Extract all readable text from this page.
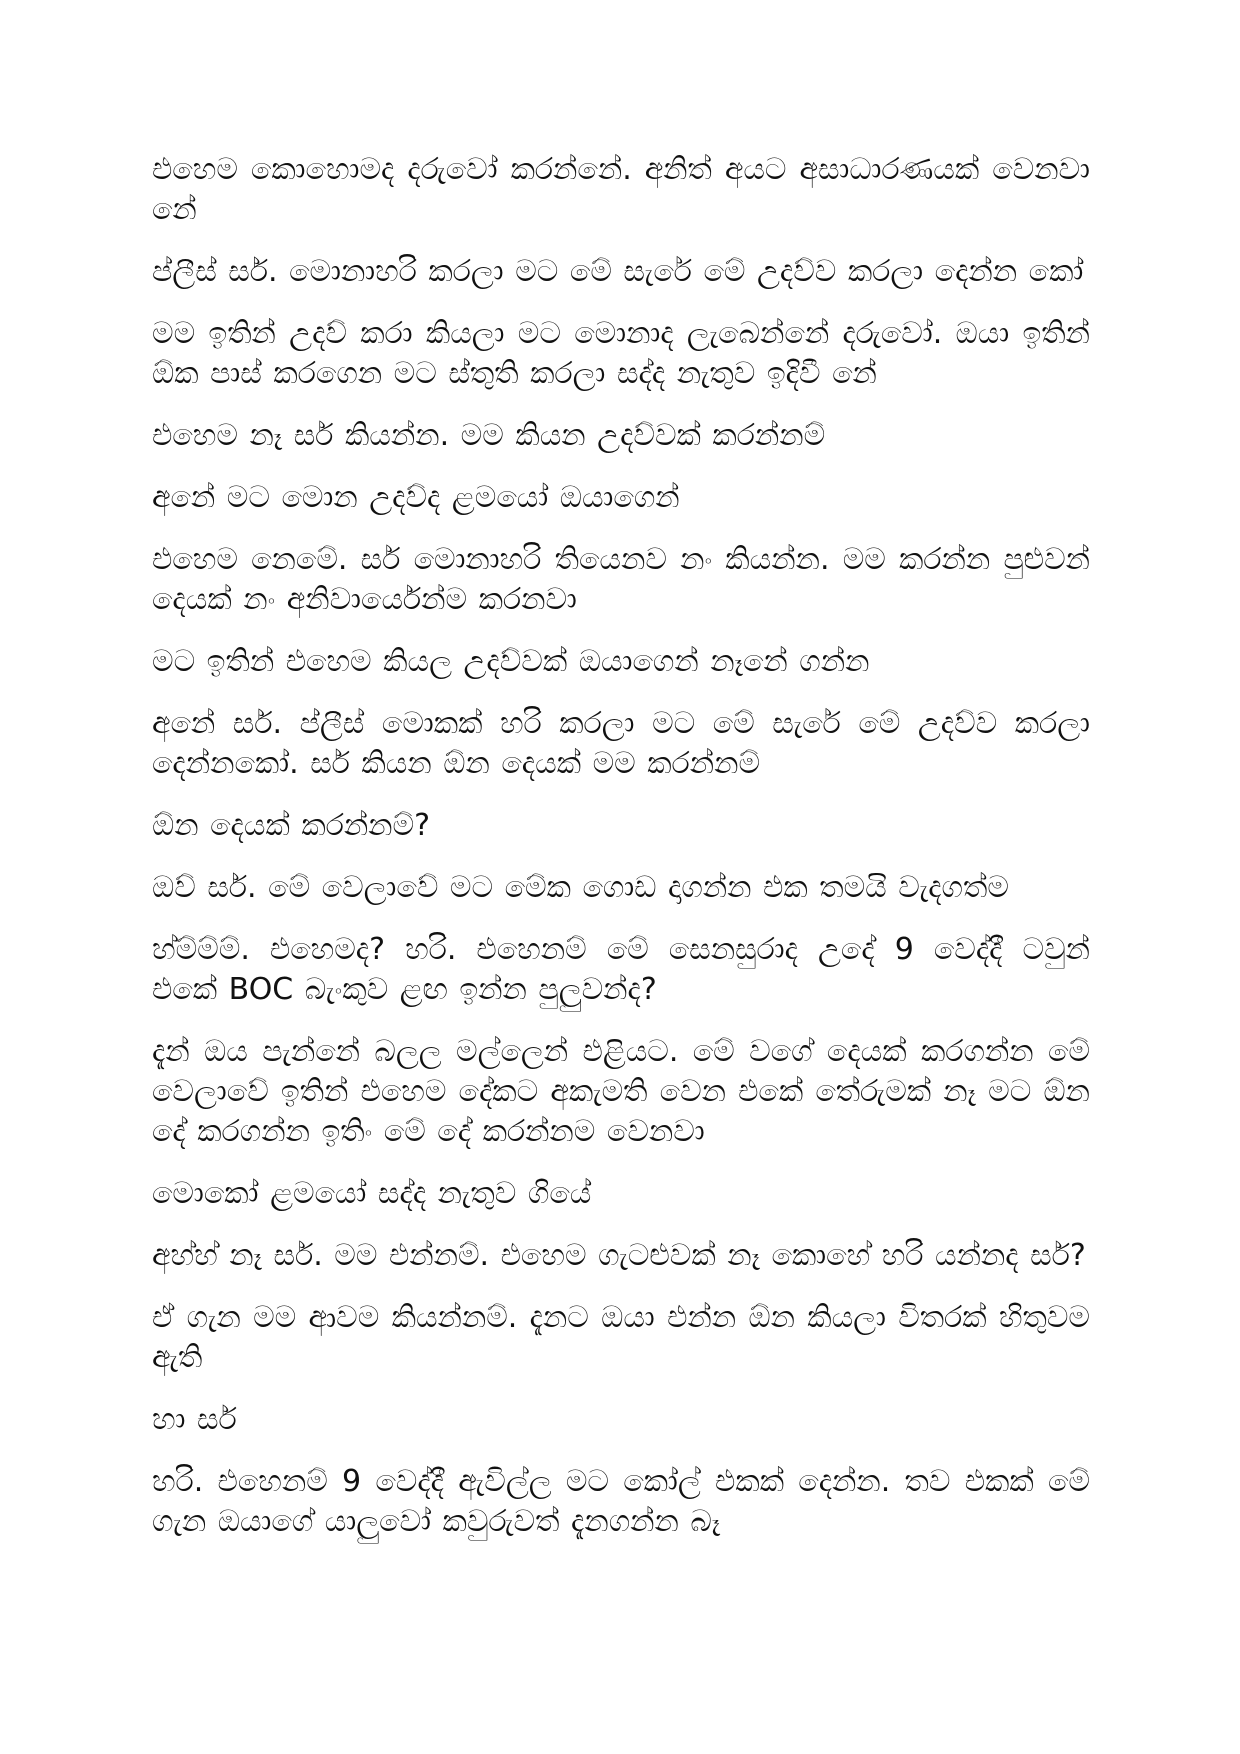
එහෙම කොහොමද දරුවෝ කරන්නේ. අනිත් අයට අසාධාරණයක් වෙනවා නේ

ප්ලීස් සර්. මොනාහරි කරලා මට මේ සැරේ මේ උදව්ව කරලා දෙන්න කෝ

මම ඉතින් උදව් කරා කියලා මට මොනාද ලැබෙන්නේ දරුවෝ. ඔයා ඉතින් ඕක පාස් කරගෙන මට ස්තුති කරලා සද්ද නැතුව ඉදිවී නේ

එහෙම නෑ සර් කියන්න. මම කියන උදව්වක් කරන්නම්

අනේ මට මොන උදව්ද ළමයෝ ඔයාගෙන්

එහෙම නෙමේ. සර් මොනාහරි තියෙනව නං කියන්න. මම කරන්න පුළුවන් දෙයක් නං අනිවාර්යෙන්ම කරනවා

මට ඉතින් එහෙම කියල උදව්වක් ඔයාගෙන් නෑනේ ගන්න

අනේ සර්. ප්ලීස් මොකක් හරි කරලා මට මේ සැරේ මේ උදව්ව කරලා දෙන්නකෝ. සර් කියන ඕන දෙයක් මම කරන්නම්

ඕන දෙයක් කරන්නම්?

ඔව් සර්. මේ වෙලාවේ මට මේක ගොඩ දාගන්න එක තමයි වැදගත්ම

හ්ම්ම්ම්. එහෙමද? හරි. එහෙනම් මේ සෙනසුරාද උදේ 9 වෙද්දී ටවුන් එකේ BOC බැංකුව ළඟ ඉන්න පුලුවන්ද?

දැන් ඔය පැන්නේ බලල මල්ලෙන් එළියට. මේ වගේ දෙයක් කරගන්න මේ වෙලාවේ ඉතින් එහෙම දේකට අකැමති වෙන එකේ තේරුමක් නෑ මට ඕන දේ කරගන්න ඉතිං මේ දේ කරන්නම වෙනවා

මොකෝ ළමයෝ සද්ද නැතුව ගියේ

අහ්හ් නෑ සර්. මම එන්නම්. එහෙම ගැටළුවක් නෑ කොහේ හරි යන්නද සර්?

ඒ ගැන මම ආවම කියන්නම්. දැනට ඔයා එන්න ඕන කියලා විතරක් හිතුවම ඇති

හා සර්

හරි. එහෙනම් 9 වෙද්දී ඇවිල්ල මට කෝල් එකක් දෙන්න. තව එකක් මේ ගැන ඔයාගේ යාලුවෝ කවුරුවත් දැනගන්න බෑ
